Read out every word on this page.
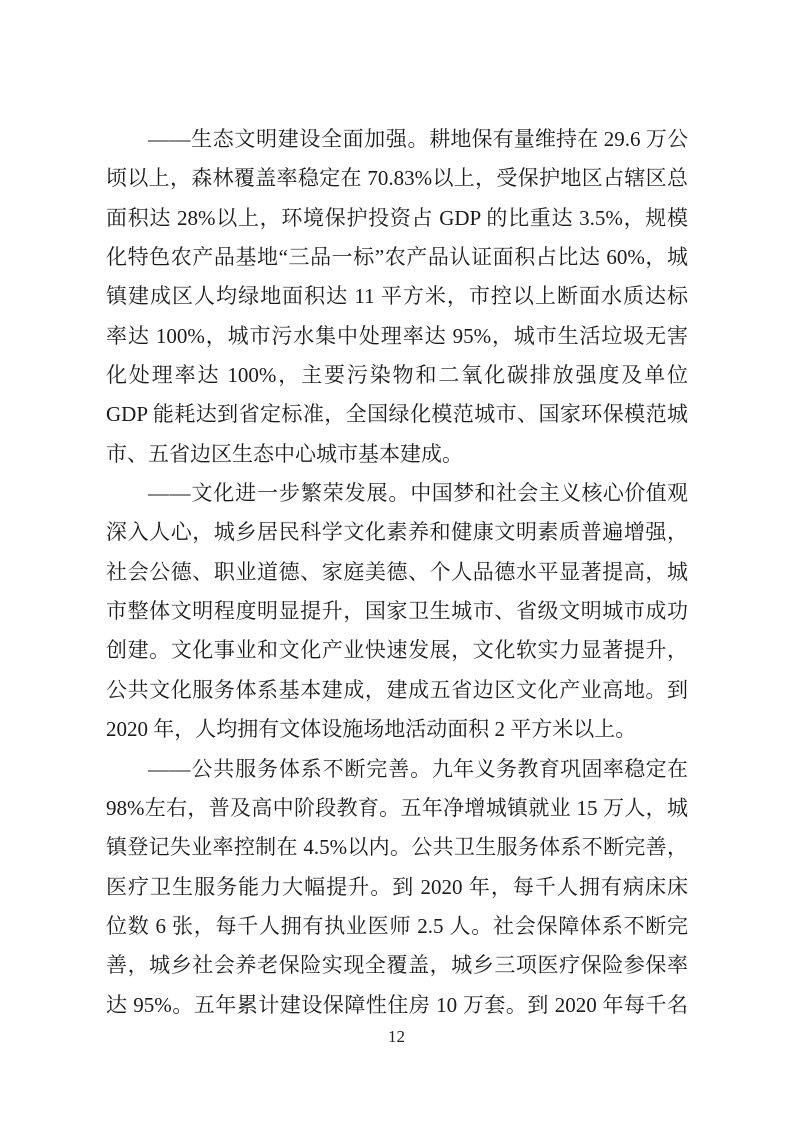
——生态文明建设全面加强。耕地保有量维持在 29.6 万公
顷以上，森林覆盖率稳定在 70.83%以上，受保护地区占辖区总
面积达 28%以上，环境保护投资占 GDP 的比重达 3.5%，规模
化特色农产品基地“三品一标”农产品认证面积占比达 60%，城
镇建成区人均绿地面积达 11 平方米，市控以上断面水质达标
率达 100%，城市污水集中处理率达 95%，城市生活垃圾无害
化处理率达 100%，主要污染物和二氧化碳排放强度及单位
GDP 能耗达到省定标准，全国绿化模范城市、国家环保模范城
市、五省边区生态中心城市基本建成。
——文化进一步繁荣发展。中国梦和社会主义核心价值观
深入人心，城乡居民科学文化素养和健康文明素质普遍增强，
社会公德、职业道德、家庭美德、个人品德水平显著提高，城
市整体文明程度明显提升，国家卫生城市、省级文明城市成功
创建。文化事业和文化产业快速发展，文化软实力显著提升，
公共文化服务体系基本建成，建成五省边区文化产业高地。到
2020 年，人均拥有文体设施场地活动面积 2 平方米以上。
——公共服务体系不断完善。九年义务教育巩固率稳定在
98%左右，普及高中阶段教育。五年净增城镇就业 15 万人，城
镇登记失业率控制在 4.5%以内。公共卫生服务体系不断完善，
医疗卫生服务能力大幅提升。到 2020 年，每千人拥有病床床
位数 6 张，每千人拥有执业医师 2.5 人。社会保障体系不断完
善，城乡社会养老保险实现全覆盖，城乡三项医疗保险参保率
达 95%。五年累计建设保障性住房 10 万套。到 2020 年每千名
12
